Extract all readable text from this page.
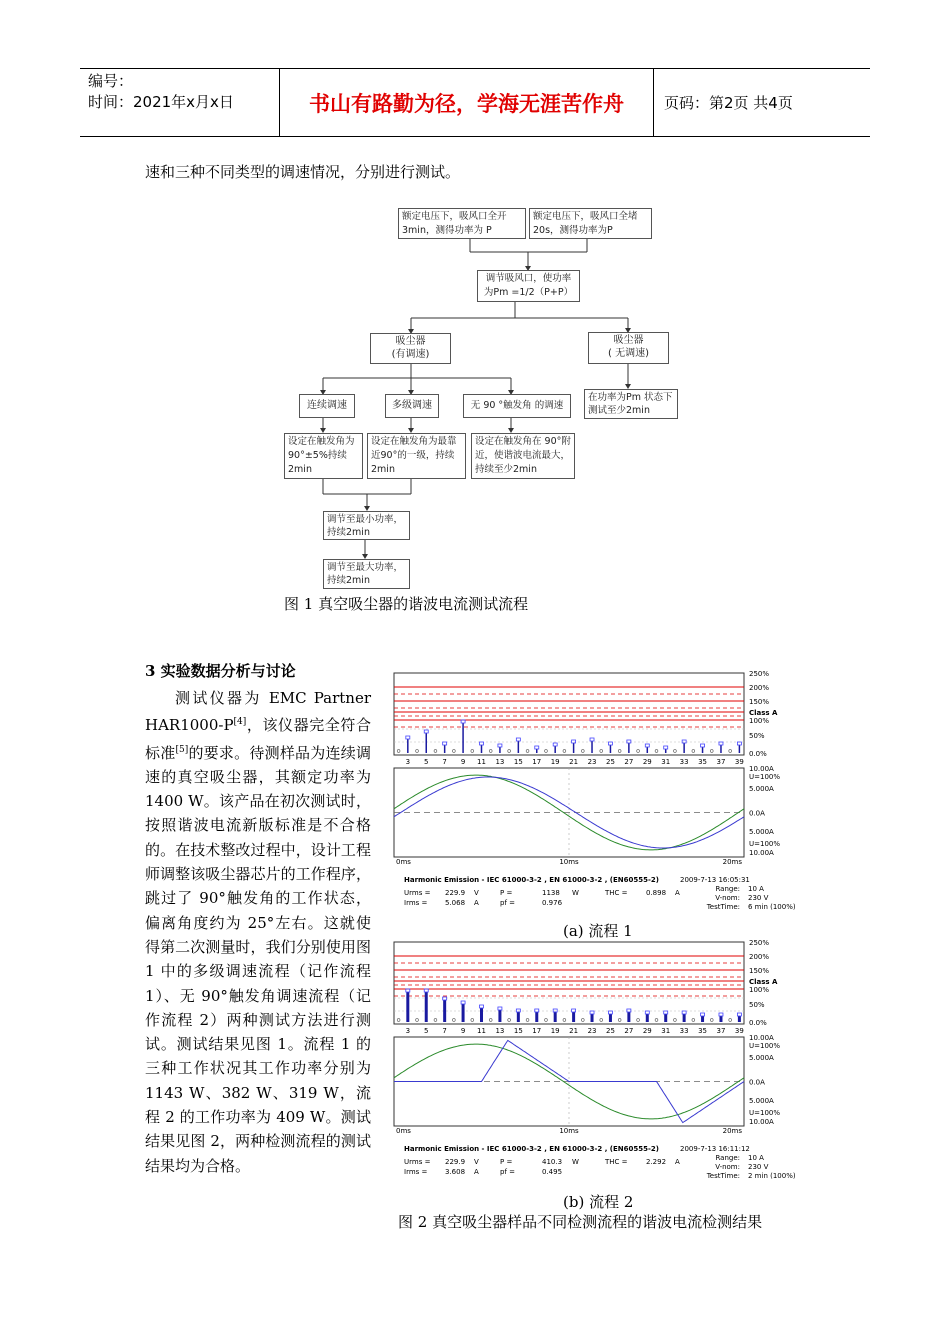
编号：
时间：2021年x月x日	书山有路勤为径，学海无涯苦作舟	页码：第2页 共4页
速和三种不同类型的调速情况，分别进行测试。
额定电压下，吸风口全开3min，测得功率为 P
额定电压下，吸风口全堵20s，测得功率为P
调节吸风口，使功率
为Pm =1/2（P+P）
吸尘器
(有调速)
吸尘器
( 无调速)
连续调速	多级调速	无 90 °触发角 的调速
在功率为Pm 状态下测试至少2min
设定在触发角为90°±5%持续2min
设定在触发角为最靠近90°的一级，持续2min
设定在触发角在 90°附近，使谐波电流最大，持续至少2min
调节至最小功率，持续2min
调节至最大功率，持续2min
图 1 真空吸尘器的谐波电流测试流程
3 实验数据分析与讨论
测试仪器为 EMC Partner HAR1000-P[4]，该仪器完全符合标准[5]的要求。待测样品为连续调速的真空吸尘器，其额定功率为 1400 W。该产品在初次测试时，按照谐波电流新版标准是不合格的。在技术整改过程中，设计工程师调整该吸尘器芯片的工作程序，跳过了 90°触发角的工作状态，偏离角度约为 25°左右。这就使得第二次测量时，我们分别使用图 1 中的多级调速流程（记作流程 1）、无 90°触发角调速流程（记作流程 2）两种测试方法进行测试。测试结果见图 1。流程 1 的三种工作状况其工作功率分别为 1143 W、382 W、319 W，流程 2 的工作功率为 409 W。测试结果见图 2，两种检测流程的测试结果均为合格。
250%
200%
150%
Class A
100%
50%
0.0%
3 5 7 9 11 13 15 17 19 21 23 25 27 29 31 33 35 37 39
10.00A
U=100%
5.000A
0.0A
5.000A
U=100%
10.00A
0ms	10ms	20ms
Harmonic Emission - IEC 61000-3-2 , EN 61000-3-2 , (EN60555-2)	2009-7-13 16:05:31
Urms = 229.9 V
Irms =	5.068 A
P =	1138 W
pf =	0.976
THC =	0.898 A	Range: 10 A
V-nom: 230 V
TestTime: 6 min (100%)
(a) 流程 1
250%
200%
150%
Class A
100%
50%
0.0%
3 5 7 9 11 13 15 17 19 21 23 25 27 29 31 33 35 37 39
10.00A
U=100%
5.000A
0.0A
5.000A
U=100%
10.00A
0ms	10ms	20ms
Harmonic Emission - IEC 61000-3-2 , EN 61000-3-2 , (EN60555-2)	2009-7-13 16:11:12
Urms = 229.9 V
Irms =	3.608 A
P =	410.3 W
pf =	0.495
THC =	2.292 A	Range: 10 A
V-nom: 230 V
TestTime: 2 min (100%)
(b) 流程 2
图 2 真空吸尘器样品不同检测流程的谐波电流检测结果
